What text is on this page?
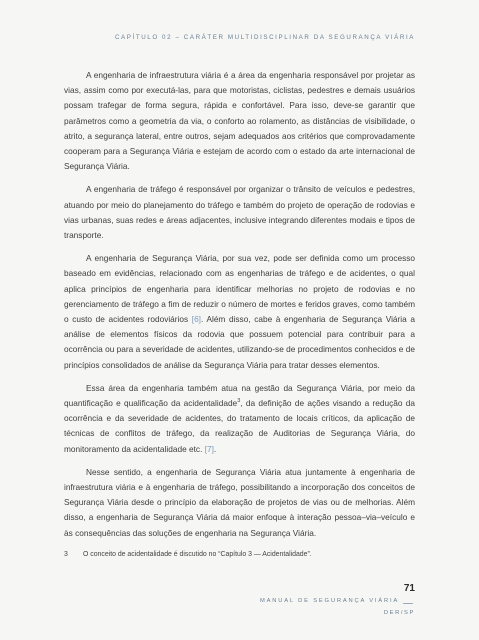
CAPÍTULO 02 – CARÁTER MULTIDISCIPLINAR DA SEGURANÇA VIÁRIA

A engenharia de infraestrutura viária é a área da engenharia responsável por projetar as vias, assim como por executá-las, para que motoristas, ciclistas, pedestres e demais usuários possam trafegar de forma segura, rápida e confortável. Para isso, deve-se garantir que parâmetros como a geometria da via, o conforto ao rolamento, as distâncias de visibilidade, o atrito, a segurança lateral, entre outros, sejam adequados aos critérios que comprovadamente cooperam para a Segurança Viária e estejam de acordo com o estado da arte internacional de Segurança Viária.

A engenharia de tráfego é responsável por organizar o trânsito de veículos e pedestres, atuando por meio do planejamento do tráfego e também do projeto de operação de rodovias e vias urbanas, suas redes e áreas adjacentes, inclusive integrando diferentes modais e tipos de transporte.

A engenharia de Segurança Viária, por sua vez, pode ser definida como um processo baseado em evidências, relacionado com as engenharias de tráfego e de acidentes, o qual aplica princípios de engenharia para identificar melhorias no projeto de rodovias e no gerenciamento de tráfego a fim de reduzir o número de mortes e feridos graves, como também o custo de acidentes rodoviários [6]. Além disso, cabe à engenharia de Segurança Viária a análise de elementos físicos da rodovia que possuem potencial para contribuir para a ocorrência ou para a severidade de acidentes, utilizando-se de procedimentos conhecidos e de princípios consolidados de análise da Segurança Viária para tratar desses elementos.

Essa área da engenharia também atua na gestão da Segurança Viária, por meio da quantificação e qualificação da acidentalidade$^3$, da definição de ações visando a redução da ocorrência e da severidade de acidentes, do tratamento de locais críticos, da aplicação de técnicas de conflitos de tráfego, da realização de Auditorias de Segurança Viária, do monitoramento da acidentalidade etc. [7].

Nesse sentido, a engenharia de Segurança Viária atua juntamente à engenharia de infraestrutura viária e à engenharia de tráfego, possibilitando a incorporação dos conceitos de Segurança Viária desde o princípio da elaboração de projetos de vias ou de melhorias. Além disso, a engenharia de Segurança Viária dá maior enfoque à interação pessoa–via–veículo e às consequências das soluções de engenharia na Segurança Viária.

3 O conceito de acidentalidade é discutido no “Capítulo 3 — Acidentalidade”.
71
MANUAL DE SEGURANÇA VIÁRIA
DER/SP
